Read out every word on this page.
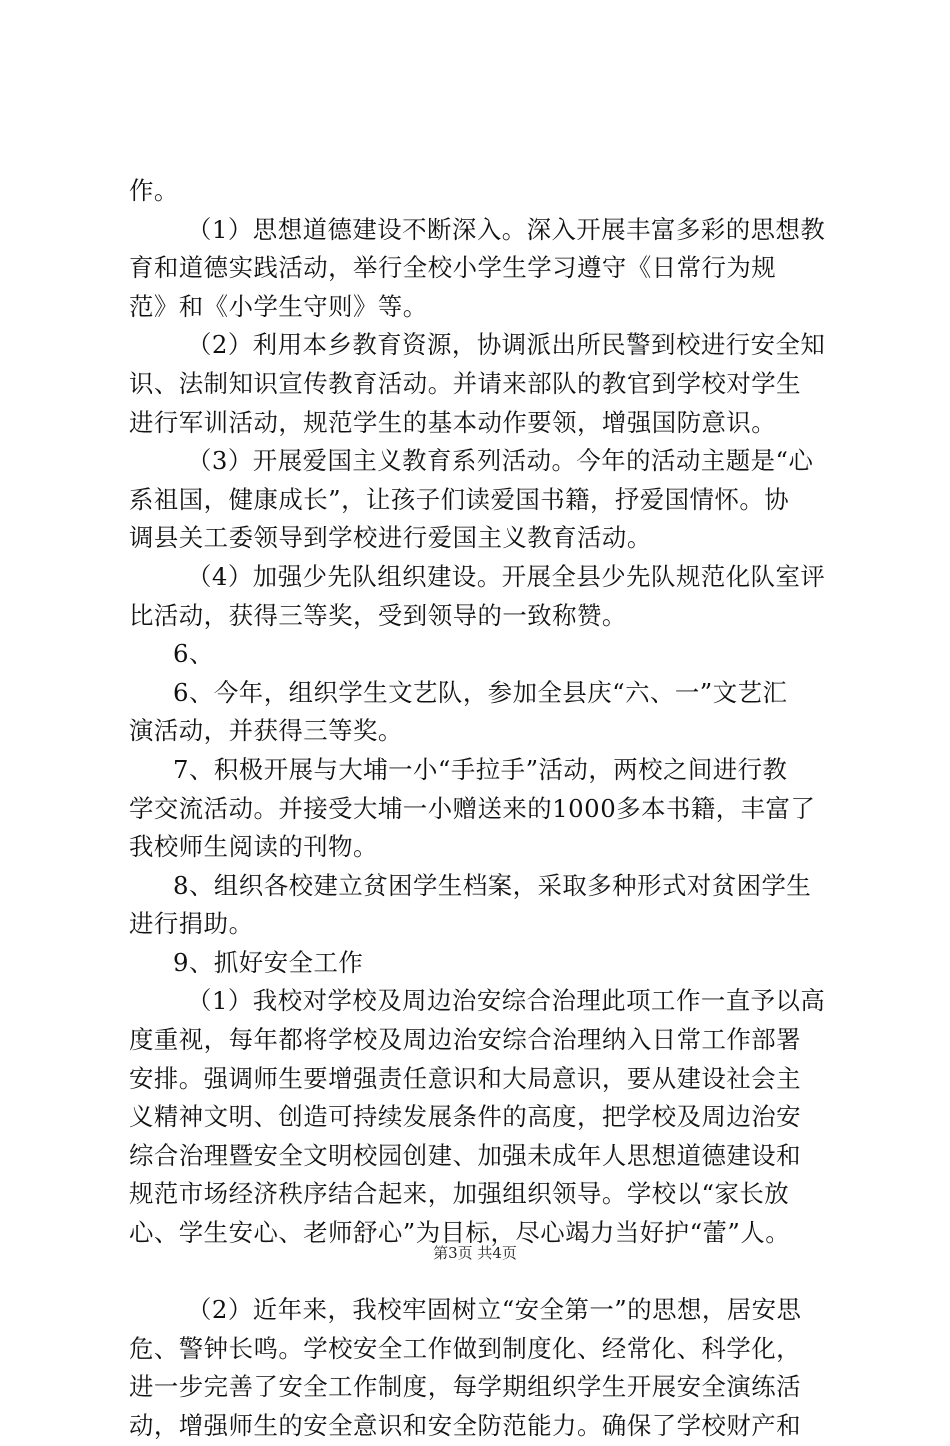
作。
（1）思想道德建设不断深入。深入开展丰富多彩的思想教
育和道德实践活动，举行全校小学生学习遵守《日常行为规
范》和《小学生守则》等。
（2）利用本乡教育资源，协调派出所民警到校进行安全知
识、法制知识宣传教育活动。并请来部队的教官到学校对学生
进行军训活动，规范学生的基本动作要领，增强国防意识。
（3）开展爱国主义教育系列活动。今年的活动主题是“心
系祖国，健康成长”，让孩子们读爱国书籍，抒爱国情怀。协
调县关工委领导到学校进行爱国主义教育活动。
（4）加强少先队组织建设。开展全县少先队规范化队室评
比活动，获得三等奖，受到领导的一致称赞。
6、
6、今年，组织学生文艺队，参加全县庆“六、一”文艺汇
演活动，并获得三等奖。
7、积极开展与大埔一小“手拉手”活动，两校之间进行教
学交流活动。并接受大埔一小赠送来的1000多本书籍，丰富了
我校师生阅读的刊物。
8、组织各校建立贫困学生档案，采取多种形式对贫困学生
进行捐助。
9、抓好安全工作
（1）我校对学校及周边治安综合治理此项工作一直予以高
度重视，每年都将学校及周边治安综合治理纳入日常工作部署
安排。强调师生要增强责任意识和大局意识，要从建设社会主
义精神文明、创造可持续发展条件的高度，把学校及周边治安
综合治理暨安全文明校园创建、加强未成年人思想道德建设和
规范市场经济秩序结合起来，加强组织领导。学校以“家长放
心、学生安心、老师舒心”为目标，尽心竭力当好护“蕾”人。
（2）近年来，我校牢固树立“安全第一”的思想，居安思
危、警钟长鸣。学校安全工作做到制度化、经常化、科学化，
进一步完善了安全工作制度，每学期组织学生开展安全演练活
动，增强师生的安全意识和安全防范能力。确保了学校财产和
第3页 共4页
